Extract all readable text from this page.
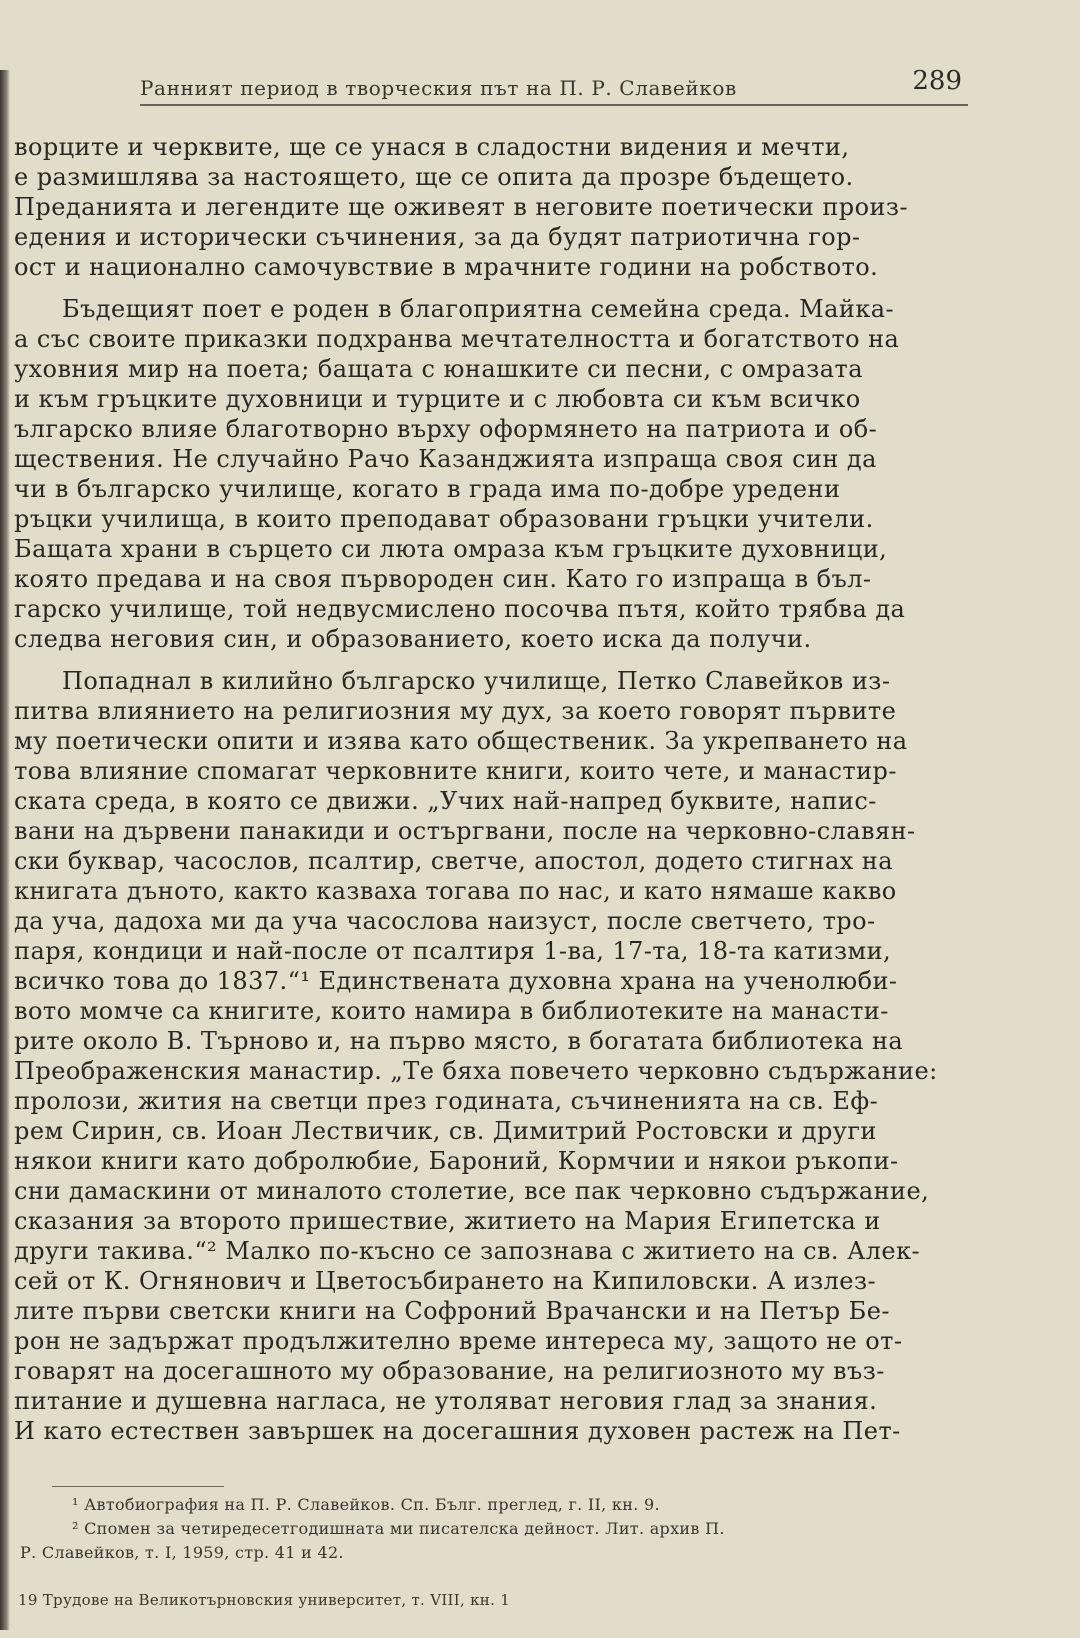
Ранният период в творческия път на П. Р. Славейков	289
ворците и черквите, ще се унася в сладостни видения и мечти,
е размишлява за настоящето, ще се опита да прозре бъдещето.
Преданията и легендите ще оживеят в неговите поетически произ-
едения и исторически съчинения, за да будят патриотична гор-
ост и национално самочувствие в мрачните години на робството.
Бъдещият поет е роден в благоприятна семейна среда. Майка-
а със своите приказки подхранва мечтателността и богатството на
уховния мир на поета; бащата с юнашките си песни, с омразата
и към гръцките духовници и турците и с любовта си към всичко
ългарско влияе благотворно върху оформянето на патриота и об-
ществения. Не случайно Рачо Казанджията изпраща своя син да
чи в българско училище, когато в града има по-добре уредени
ръцки училища, в които преподават образовани гръцки учители.
Бащата храни в сърцето си люта омраза към гръцките духовници,
която предава и на своя първороден син. Като го изпраща в бъл-
гарско училище, той недвусмислено посочва пътя, който трябва да
следва неговия син, и образованието, което иска да получи.
Попаднал в килийно българско училище, Петко Славейков из-
питва влиянието на религиозния му дух, за което говорят първите
му поетически опити и изява като общественик. За укрепването на
това влияние спомагат черковните книги, които чете, и манастир-
ската среда, в която се движи. „Учих най-напред буквите, напис-
вани на дървени панакиди и остъргвани, после на черковно-славян-
ски буквар, часослов, псалтир, светче, апостол, додето стигнах на
книгата дъното, както казваха тогава по нас, и като нямаше какво
да уча, дадоха ми да уча часослова наизуст, после светчето, тро-
паря, кондици и най-после от псалтиря 1-ва, 17-та, 18-та катизми,
всичко това до 1837.“¹ Единствената духовна храна на ученолюби-
вото момче са книгите, които намира в библиотеките на манасти-
рите около В. Търново и, на първо място, в богатата библиотека на
Преображенския манастир. „Те бяха повечето черковно съдържание:
пролози, жития на светци през годината, съчиненията на св. Еф-
рем Сирин, св. Иоан Лествичик, св. Димитрий Ростовски и други
някои книги като добролюбие, Бароний, Кормчии и някои ръкопи-
сни дамаскини от миналото столетие, все пак черковно съдържание,
сказания за второто пришествие, житието на Мария Египетска и
други такива.“² Малко по-късно се запознава с житието на св. Алек-
сей от К. Огнянович и Цветосъбирането на Кипиловски. А излез-
лите първи светски книги на Софроний Врачански и на Петър Бе-
рон не задържат продължително време интереса му, защото не от-
говарят на досегашното му образование, на религиозното му въз-
питание и душевна нагласа, не утоляват неговия глад за знания.
И като естествен завършек на досегашния духовен растеж на Пет-
¹ Автобиография на П. Р. Славейков. Сп. Бълг. преглед, г. II, кн. 9.
² Спомен за четиредесетгодишната ми писателска дейност. Лит. архив П.
Р. Славейков, т. I, 1959, стр. 41 и 42.
19 Трудове на Великотърновския университет, т. VIII, кн. 1
